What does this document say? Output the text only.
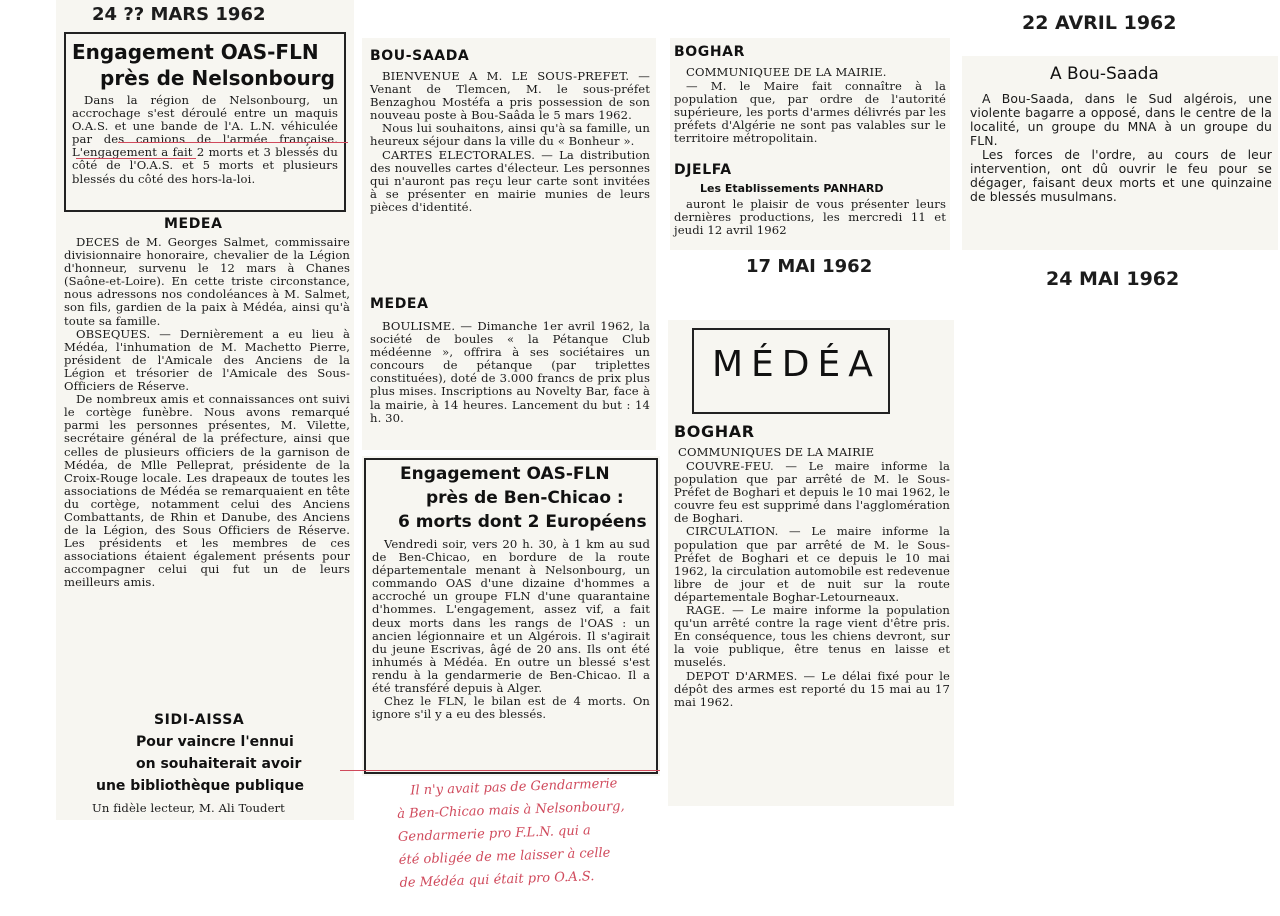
24 ?? MARS 1962
Engagement OAS-FLN
près de Nelsonbourg

Dans la région de Nelsonbourg, un accrochage s'est déroulé entre un maquis O.A.S. et une bande de l'A. L.N. véhiculée par des camions de l'armée française. L'engagement a fait 2 morts et 3 blessés du côté de l'O.A.S. et 5 morts et plusieurs blessés du côté des hors-la-loi.

MEDEA

DECES de M. Georges Salmet, commissaire divisionnaire honoraire, chevalier de la Légion d'honneur, survenu le 12 mars à Chanes (Saône-et-Loire). En cette triste circonstance, nous adressons nos condoléances à M. Salmet, son fils, gardien de la paix à Médéa, ainsi qu'à toute sa famille.

OBSEQUES. — Dernièrement a eu lieu à Médéa, l'inhumation de M. Machetto Pierre, président de l'Amicale des Anciens de la Légion et trésorier de l'Amicale des Sous-Officiers de Réserve.

De nombreux amis et connaissances ont suivi le cortège funèbre. Nous avons remarqué parmi les personnes présentes, M. Vilette, secrétaire général de la préfecture, ainsi que celles de plusieurs officiers de la garnison de Médéa, de Mlle Pelleprat, présidente de la Croix-Rouge locale. Les drapeaux de toutes les associations de Médéa se remarquaient en tête du cortège, notamment celui des Anciens Combattants, de Rhin et Danube, des Anciens de la Légion, des Sous Officiers de Réserve. Les présidents et les membres de ces associations étaient également présents pour accompagner celui qui fut un de leurs meilleurs amis.

SIDI-AISSA
Pour vaincre l'ennui
on souhaiterait avoir
une bibliothèque publique
Un fidèle lecteur, M. Ali Toudert
BOU-SAADA

BIENVENUE A M. LE SOUS-PREFET. — Venant de Tlemcen, M. le sous-préfet Benzaghou Mostéfa a pris possession de son nouveau poste à Bou-Saâda le 5 mars 1962.

Nous lui souhaitons, ainsi qu'à sa famille, un heureux séjour dans la ville du « Bonheur ».

CARTES ELECTORALES. — La distribution des nouvelles cartes d'électeur. Les personnes qui n'auront pas reçu leur carte sont invitées à se présenter en mairie munies de leurs pièces d'identité.

MEDEA

BOULISME. — Dimanche 1er avril 1962, la société de boules « la Pétanque Club médéenne », offrira à ses sociétaires un concours de pétanque (par triplettes constituées), doté de 3.000 francs de prix plus plus mises. Inscriptions au Novelty Bar, face à la mairie, à 14 heures. Lancement du but : 14 h. 30.

Engagement OAS-FLN
près de Ben-Chicao :
6 morts dont 2 Européens

Vendredi soir, vers 20 h. 30, à 1 km au sud de Ben-Chicao, en bordure de la route départementale menant à Nelsonbourg, un commando OAS d'une dizaine d'hommes a accroché un groupe FLN d'une quarantaine d'hommes. L'engagement, assez vif, a fait deux morts dans les rangs de l'OAS : un ancien légionnaire et un Algérois. Il s'agirait du jeune Escrivas, âgé de 20 ans. Ils ont été inhumés à Médéa. En outre un blessé s'est rendu à la gendarmerie de Ben-Chicao. Il a été transféré depuis à Alger.

Chez le FLN, le bilan est de 4 morts. On ignore s'il y a eu des blessés.

BOGHAR
COMMUNIQUEE DE LA MAIRIE.

— M. le Maire fait connaître à la population que, par ordre de l'autorité supérieure, les ports d'armes délivrés par les préfets d'Algérie ne sont pas valables sur le territoire métropolitain.

DJELFA
Les Etablissements PANHARD

auront le plaisir de vous présenter leurs dernières productions, les mercredi 11 et jeudi 12 avril 1962

17 MAI 1962
MÉDÉA
BOGHAR
COMMUNIQUES DE LA MAIRIE

COUVRE-FEU. — Le maire informe la population que par arrêté de M. le Sous-Préfet de Boghari et depuis le 10 mai 1962, le couvre feu est supprimé dans l'agglomération de Boghari.

CIRCULATION. — Le maire informe la population que par arrêté de M. le Sous-Préfet de Boghari et ce depuis le 10 mai 1962, la circulation automobile est redevenue libre de jour et de nuit sur la route départementale Boghar-Letourneaux.

RAGE. — Le maire informe la population qu'un arrêté contre la rage vient d'être pris. En conséquence, tous les chiens devront, sur la voie publique, être tenus en laisse et muselés.

DEPOT D'ARMES. — Le délai fixé pour le dépôt des armes est reporté du 15 mai au 17 mai 1962.

22 AVRIL 1962
A Bou-Saada

A Bou-Saada, dans le Sud algérois, une violente bagarre a opposé, dans le centre de la localité, un groupe du MNA à un groupe du FLN.

Les forces de l'ordre, au cours de leur intervention, ont dû ouvrir le feu pour se dégager, faisant deux morts et une quinzaine de blessés musulmans.

24 MAI 1962
Il n'y avait pas de Gendarmerie
à Ben-Chicao mais à Nelsonbourg,
Gendarmerie pro F.L.N. qui a
été obligée de me laisser à celle
de Médéa qui était pro O.A.S.
